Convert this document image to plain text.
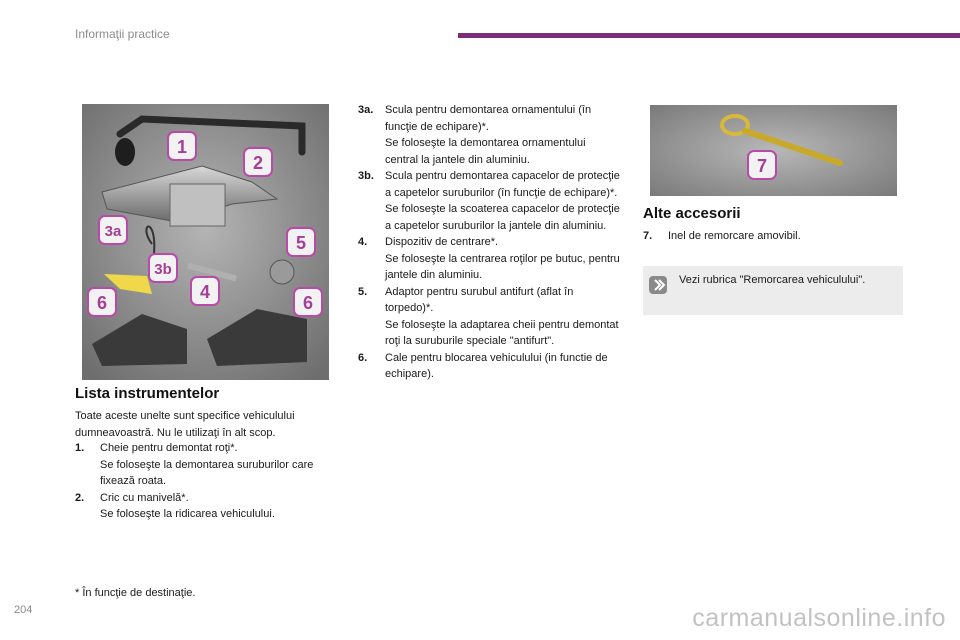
Informaţii practice
1
2
3a
3b
4
5
6	6
7
Lista instrumentelor
Toate aceste unelte sunt specifice vehiculului dumneavoastră. Nu le utilizaţi în alt scop.
1. Cheie pentru demontat roţi*.
Se foloseşte la demontarea suruburilor care fixează roata.
2. Cric cu manivelă*.
Se foloseşte la ridicarea vehiculului.
3a. Scula pentru demontarea ornamentului (în funcţie de echipare)*.
Se foloseşte la demontarea ornamentului central la jantele din aluminiu.
3b. Scula pentru demontarea capacelor de protecţie a capetelor suruburilor (în funcţie de echipare)*.
Se foloseşte la scoaterea capacelor de protecţie a capetelor suruburilor la jantele din aluminiu.
4. Dispozitiv de centrare*.
Se foloseşte la centrarea roţilor pe butuc, pentru jantele din aluminiu.
5. Adaptor pentru surubul antifurt (aflat în torpedo)*.
Se foloseşte la adaptarea cheii pentru demontat roţi la suruburile speciale "antifurt".
6. Cale pentru blocarea vehiculului (in functie de echipare).
Alte accesorii
7. Inel de remorcare amovibil.
Vezi rubrica "Remorcarea vehiculului".
* În funcţie de destinaţie.
204	carmanualsonline.info
